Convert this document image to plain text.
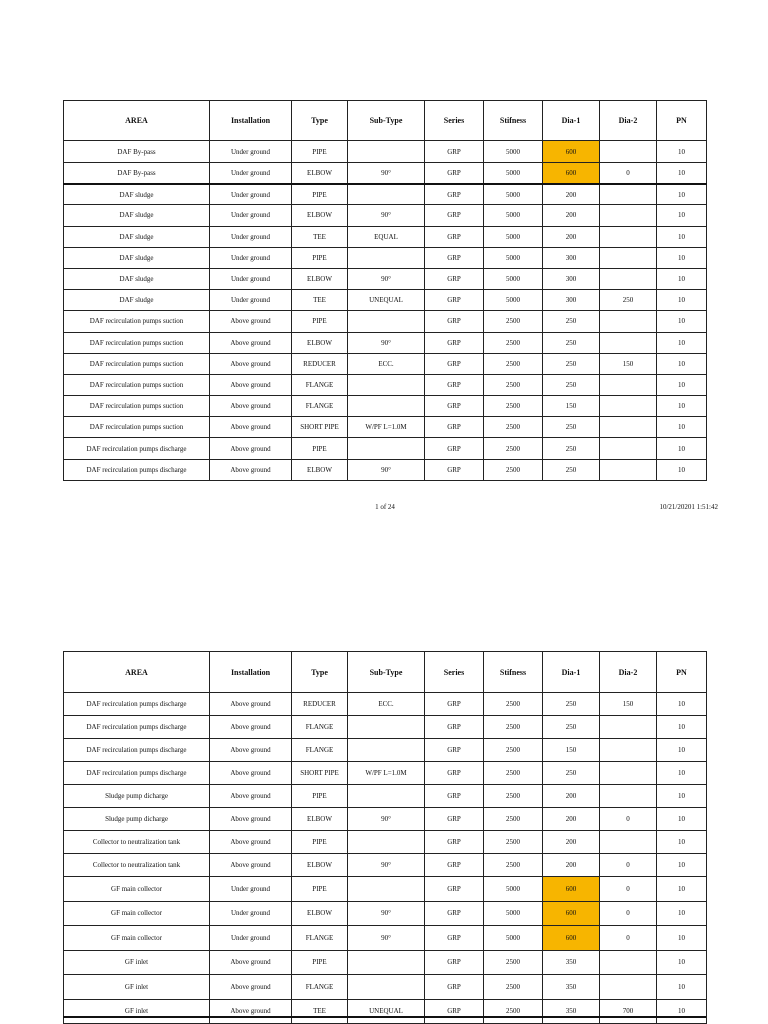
AREA	Installation	Type	Sub-Type	Series	Stifness	Dia-1	Dia-2	PN
DAF By-pass	Under ground	PIPE		GRP	5000	600		10
DAF By-pass	Under ground	ELBOW	90°	GRP	5000	600	0	10
DAF sludge	Under ground	PIPE		GRP	5000	200		10
DAF sludge	Under ground	ELBOW	90°	GRP	5000	200		10
DAF sludge	Under ground	TEE	EQUAL	GRP	5000	200		10
DAF sludge	Under ground	PIPE		GRP	5000	300		10
DAF sludge	Under ground	ELBOW	90°	GRP	5000	300		10
DAF sludge	Under ground	TEE	UNEQUAL	GRP	5000	300	250	10
DAF recirculation pumps suction	Above ground	PIPE		GRP	2500	250		10
DAF recirculation pumps suction	Above ground	ELBOW	90°	GRP	2500	250		10
DAF recirculation pumps suction	Above ground	REDUCER	ECC.	GRP	2500	250	150	10
DAF recirculation pumps suction	Above ground	FLANGE		GRP	2500	250		10
DAF recirculation pumps suction	Above ground	FLANGE		GRP	2500	150		10
DAF recirculation pumps suction	Above ground	SHORT PIPE	W/PF L=1.0M	GRP	2500	250		10
DAF recirculation pumps discharge	Above ground	PIPE		GRP	2500	250		10
DAF recirculation pumps discharge	Above ground	ELBOW	90°	GRP	2500	250		10
1 of 24	10/21/20201 1:51:42
AREA	Installation	Type	Sub-Type	Series	Stifness	Dia-1	Dia-2	PN
DAF recirculation pumps discharge	Above ground	REDUCER	ECC.	GRP	2500	250	150	10
DAF recirculation pumps discharge	Above ground	FLANGE		GRP	2500	250		10
DAF recirculation pumps discharge	Above ground	FLANGE		GRP	2500	150		10
DAF recirculation pumps discharge	Above ground	SHORT PIPE	W/PF L=1.0M	GRP	2500	250		10
Sludge pump dicharge	Above ground	PIPE		GRP	2500	200		10
Sludge pump dicharge	Above ground	ELBOW	90°	GRP	2500	200	0	10
Collector to neutralization tank	Above ground	PIPE		GRP	2500	200		10
Collector to neutralization tank	Above ground	ELBOW	90°	GRP	2500	200	0	10
GF main collector	Under ground	PIPE		GRP	5000	600	0	10
GF main collector	Under ground	ELBOW	90°	GRP	5000	600	0	10
GF main collector	Under ground	FLANGE	90°	GRP	5000	600	0	10
GF inlet	Above ground	PIPE		GRP	2500	350		10
GF inlet	Above ground	FLANGE		GRP	2500	350		10
GF inlet	Above ground	TEE	UNEQUAL	GRP	2500	350	700	10
